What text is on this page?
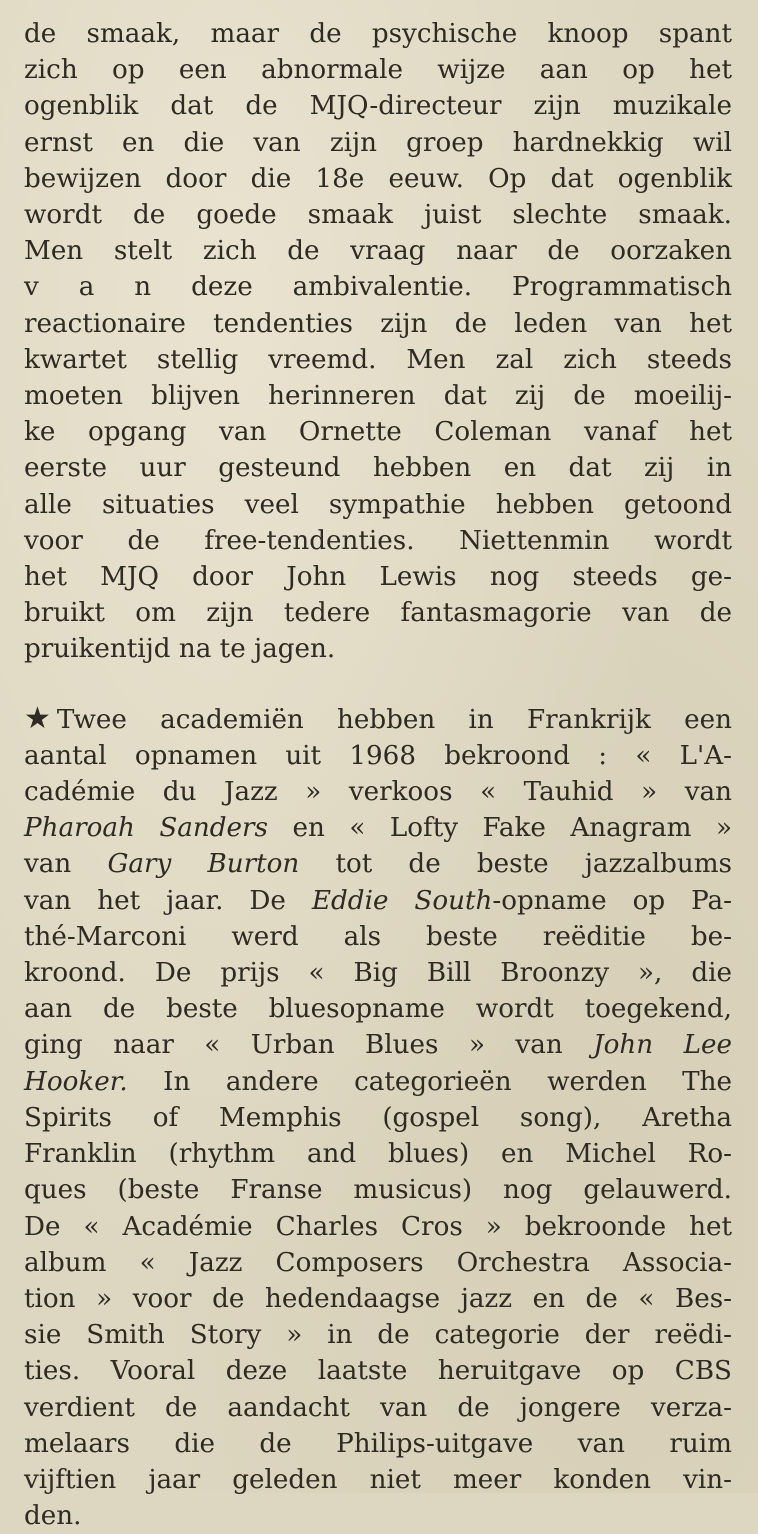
de smaak, maar de psychische knoop spant
zich op een abnormale wijze aan op het
ogenblik dat de MJQ-directeur zijn muzikale
ernst en die van zijn groep hardnekkig wil
bewijzen door die 18e eeuw. Op dat ogenblik
wordt de goede smaak juist slechte smaak.
Men stelt zich de vraag naar de oorzaken
v a n deze ambivalentie. Programmatisch
reactionaire tendenties zijn de leden van het
kwartet stellig vreemd. Men zal zich steeds
moeten blijven herinneren dat zij de moeilij-
ke opgang van Ornette Coleman vanaf het
eerste uur gesteund hebben en dat zij in
alle situaties veel sympathie hebben getoond
voor de free-tendenties. Niettenmin wordt
het MJQ door John Lewis nog steeds ge-
bruikt om zijn tedere fantasmagorie van de
pruikentijd na te jagen.

★ Twee academiën hebben in Frankrijk een
aantal opnamen uit 1968 bekroond : « L'A-
cadémie du Jazz » verkoos « Tauhid » van
Pharoah Sanders en « Lofty Fake Anagram »
van Gary Burton tot de beste jazzalbums
van het jaar. De Eddie South-opname op Pa-
thé-Marconi werd als beste reëditie be-
kroond. De prijs « Big Bill Broonzy », die
aan de beste bluesopname wordt toegekend,
ging naar « Urban Blues » van John Lee
Hooker. In andere categorieën werden The
Spirits of Memphis (gospel song), Aretha
Franklin (rhythm and blues) en Michel Ro-
ques (beste Franse musicus) nog gelauwerd.
De « Académie Charles Cros » bekroonde het
album « Jazz Composers Orchestra Associa-
tion » voor de hedendaagse jazz en de « Bes-
sie Smith Story » in de categorie der reëdi-
ties. Vooral deze laatste heruitgave op CBS
verdient de aandacht van de jongere verza-
melaars die de Philips-uitgave van ruim
vijftien jaar geleden niet meer konden vin-
den.
